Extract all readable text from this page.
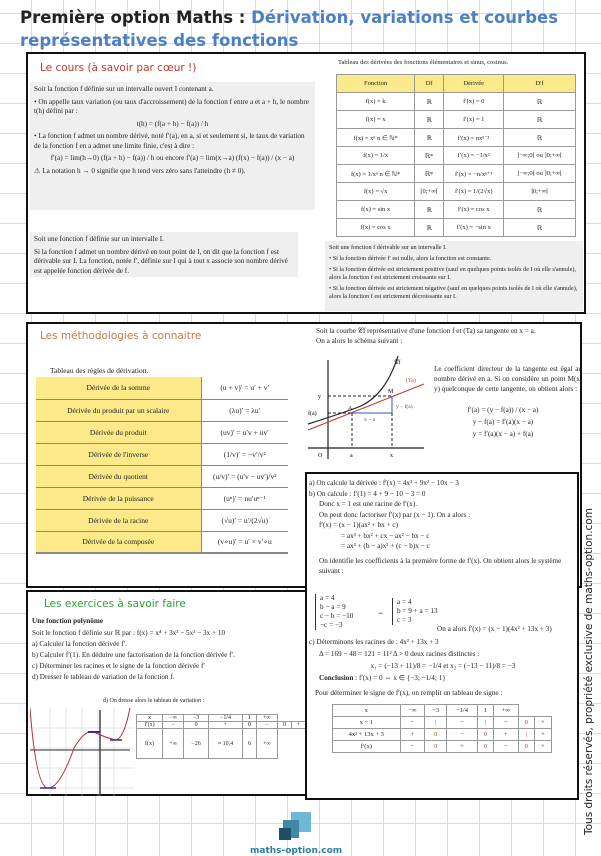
Première option Maths : Dérivation, variations et courbes représentatives des fonctions
Le cours (à savoir par cœur !)

Soit la fonction f définie sur un intervalle ouvert I contenant a.

• On appelle taux variation (ou taux d'accroissement) de la fonction f entre a et a + h, le nombre t(h) défini par :

t(h) = (f(a + h) − f(a)) / h

• La fonction f admet un nombre dérivé, noté f′(a), en a, si et seulement si, le taux de variation de la fonction f en a admet une limite finie, c'est à dire :

f′(a) = lim(h→0) (f(a + h) − f(a)) / h ou encore f′(a) = lim(x→a) (f(x) − f(a)) / (x − a)

⚠ La notation h → 0 signifie que h tend vers zéro sans l'atteindre (h ≠ 0).

Tableau des dérivées des fonctions élémentaires et sinus, cosinus.
Fonction	Df	Dérivée	D′f
f(x) = k	ℝ	f′(x) = 0	ℝ
f(x) = x	ℝ	f′(x) = 1	ℝ
f(x) = xⁿ n ∈ ℕ*	ℝ	f′(x) = nxⁿ⁻¹	ℝ
f(x) = 1/x	ℝ*	f′(x) = −1/x²	]−∞;0[ ou ]0;+∞[
f(x) = 1/xⁿ n ∈ ℕ*	ℝ*	f′(x) = −n/xⁿ⁺¹	]−∞;0[ ou ]0;+∞[
f(x) = √x	[0;+∞[	f′(x) = 1/(2√x)	]0;+∞[
f(x) = sin x	ℝ	f′(x) = cos x	ℝ
f(x) = cos x	ℝ	f′(x) = −sin x	ℝ

Soit une fonction f définie sur un intervalle I.

Si la fonction f admet un nombre dérivé en tout point de I, on dit que la fonction f est dérivable sur I. La fonction, notée f′, définie sur I qui à tout x associe son nombre dérivé est appelée fonction dérivée de f.

Soit une fonction f dérivable sur un intervalle I.

• Si la fonction dérivée f′ est nulle, alors la fonction est constante.

• Si la fonction dérivée est strictement positive (sauf en quelques points isolés de I où elle s'annule), alors la fonction f est strictement croissante sur I.

• Si la fonction dérivée est strictement négative (sauf en quelques points isolés de I où elle s'annule), alors la fonction f est strictement décroissante sur I.

Les méthodologies à connaitre
Tableau des règles de dérivation.
Dérivée de la somme	(u + v)′ = u′ + v′
Dérivée du produit par un scalaire	(λu)′ = λu′
Dérivée du produit	(uv)′ = u′v + uv′
Dérivée de l'inverse	(1/v)′ = −v′/v²
Dérivée du quotient	(u/v)′ = (u′v − uv′)/v²
Dérivée de la puissance	(uⁿ)′ = nu′uⁿ⁻¹
Dérivée de la racine	(√u)′ = u′/(2√u)
Dérivée de la composée	(v∘u)′ = u′ × v′∘u
Soit la courbe 𝒞f représentative d'une fonction f et (Ta) sa tangente en x = a.
On a alors le schéma suivant :
𝒞f
(Ta)
M
A
y
f(a)
O	a	x
x − a
y − f(a)
Le coefficient directeur de la tangente est égal au nombre dérivé en a. Si on considère un point M(x; y) quelconque de cette tangente, on obtient alors :
f′(a) = (y − f(a)) / (x − a)
y − f(a) = f′(a)(x − a)
y = f′(a)(x − a) + f(a)
Les exercices à savoir faire
Une fonction polynôme
Soit le fonction f définie sur ℝ par : f(x) = x⁴ + 3x³ − 5x² − 3x + 10
a) Calculer la fonction dérivée f′.
b) Calculer f′(1). En déduire une factorisation de la fonction dérivée f′.
c) Déterminer les racines et le signe de la fonction dérivée f′
d) Dresser le tableau de variation de la fonction f.
d) On dresse alors le tableau de variation :
x	−∞	−3	−1/4	1	+∞		
f′(x)	−	0	+	0	−	0	+
f(x)	+∞	−26	≈ 10,4	6	+∞		
a) On calcule la dérivée : f′(x) = 4x³ + 9x² − 10x − 3
b) On calcule : f′(1) = 4 + 9 − 10 − 3 = 0
Donc x = 1 est une racine de f′(x).
On peut donc factoriser f′(x) par (x − 1). On a alors :
f′(x) = (x − 1)(ax² + bx + c)
= ax³ + bx² + cx − ax² − bx − c
= ax³ + (b − a)x² + (c − b)x − c
On identifie les coefficients à la première forme de f′(x). On obtient alors le système suivant :
a = 4
b − a = 9
c − b = −10
−c = −3
⇔
a = 4
b = 9 + a = 13
c = 3
On a alors f′(x) = (x − 1)(4x² + 13x + 3)
c) Déterminons les racines de : 4x² + 13x + 3
Δ = 169 − 48 = 121 = 11² Δ > 0 deux racines distinctes :
x₁ = (−13 + 11)/8 = −1/4 et x₂ = (−13 − 11)/8 = −3
Conclusion : f′(x) = 0 ⇔ x ∈ {−3; −1/4; 1}
Pour déterminer le signe de f′(x), on remplit un tableau de signe :
x	−∞	−3	−1/4	1	+∞		
x − 1	−	|	−	|	−	0	+
4x² + 13x + 3	+	0	−	0	+	|	+
f′(x)	−	0	+	0	−	0	+	Tous droits réservés, propriété exclusive de maths-option.com
maths-option.com
